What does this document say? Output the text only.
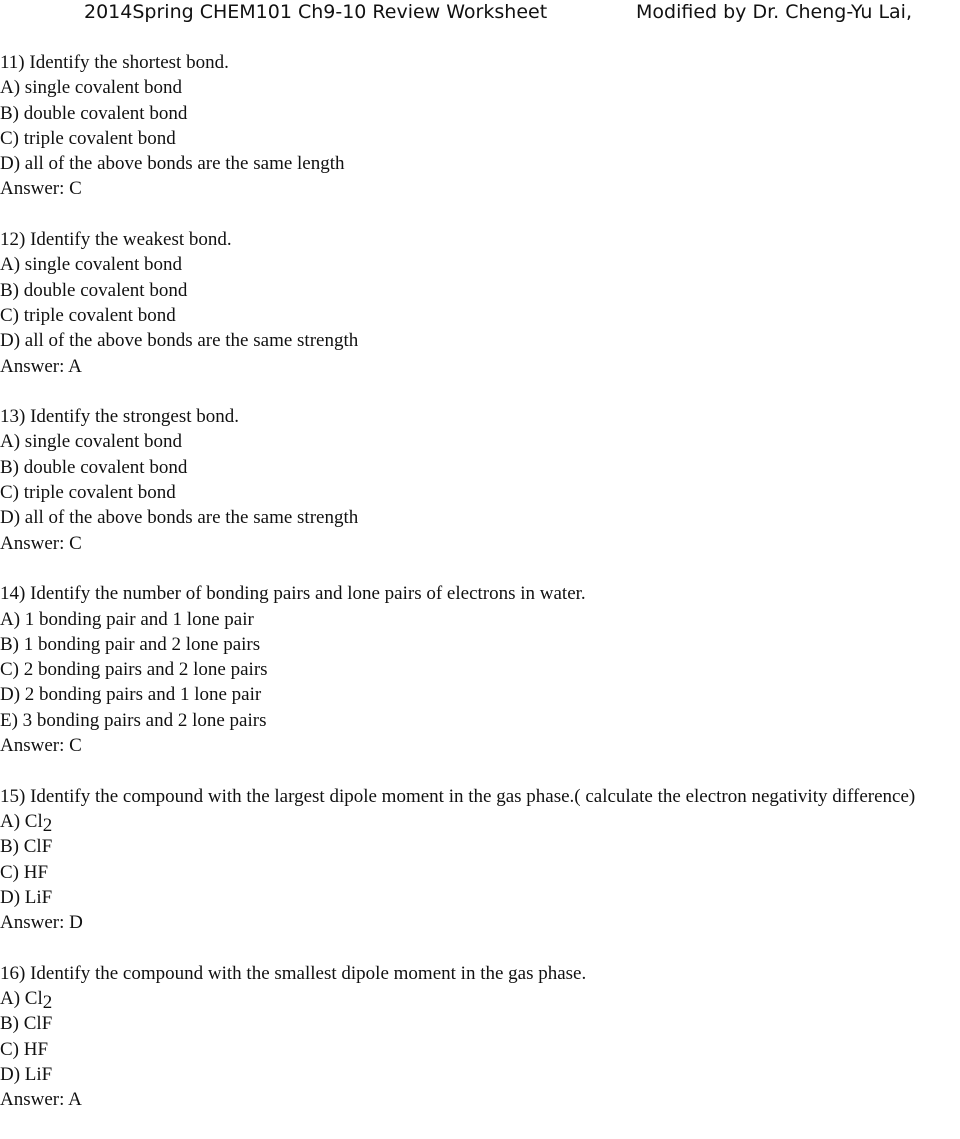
2014Spring CHEM101 Ch9-10 Review Worksheet	Modified by Dr. Cheng-Yu Lai,
11) Identify the shortest bond.
A) single covalent bond
B) double covalent bond
C) triple covalent bond
D) all of the above bonds are the same length
Answer: C
12) Identify the weakest bond.
A) single covalent bond
B) double covalent bond
C) triple covalent bond
D) all of the above bonds are the same strength
Answer: A
13) Identify the strongest bond.
A) single covalent bond
B) double covalent bond
C) triple covalent bond
D) all of the above bonds are the same strength
Answer: C
14) Identify the number of bonding pairs and lone pairs of electrons in water.
A) 1 bonding pair and 1 lone pair
B) 1 bonding pair and 2 lone pairs
C) 2 bonding pairs and 2 lone pairs
D) 2 bonding pairs and 1 lone pair
E) 3 bonding pairs and 2 lone pairs
Answer: C
15) Identify the compound with the largest dipole moment in the gas phase.( calculate the electron negativity difference)
A) Cl2
B) ClF
C) HF
D) LiF
Answer: D
16) Identify the compound with the smallest dipole moment in the gas phase.
A) Cl2
B) ClF
C) HF
D) LiF
Answer: A
